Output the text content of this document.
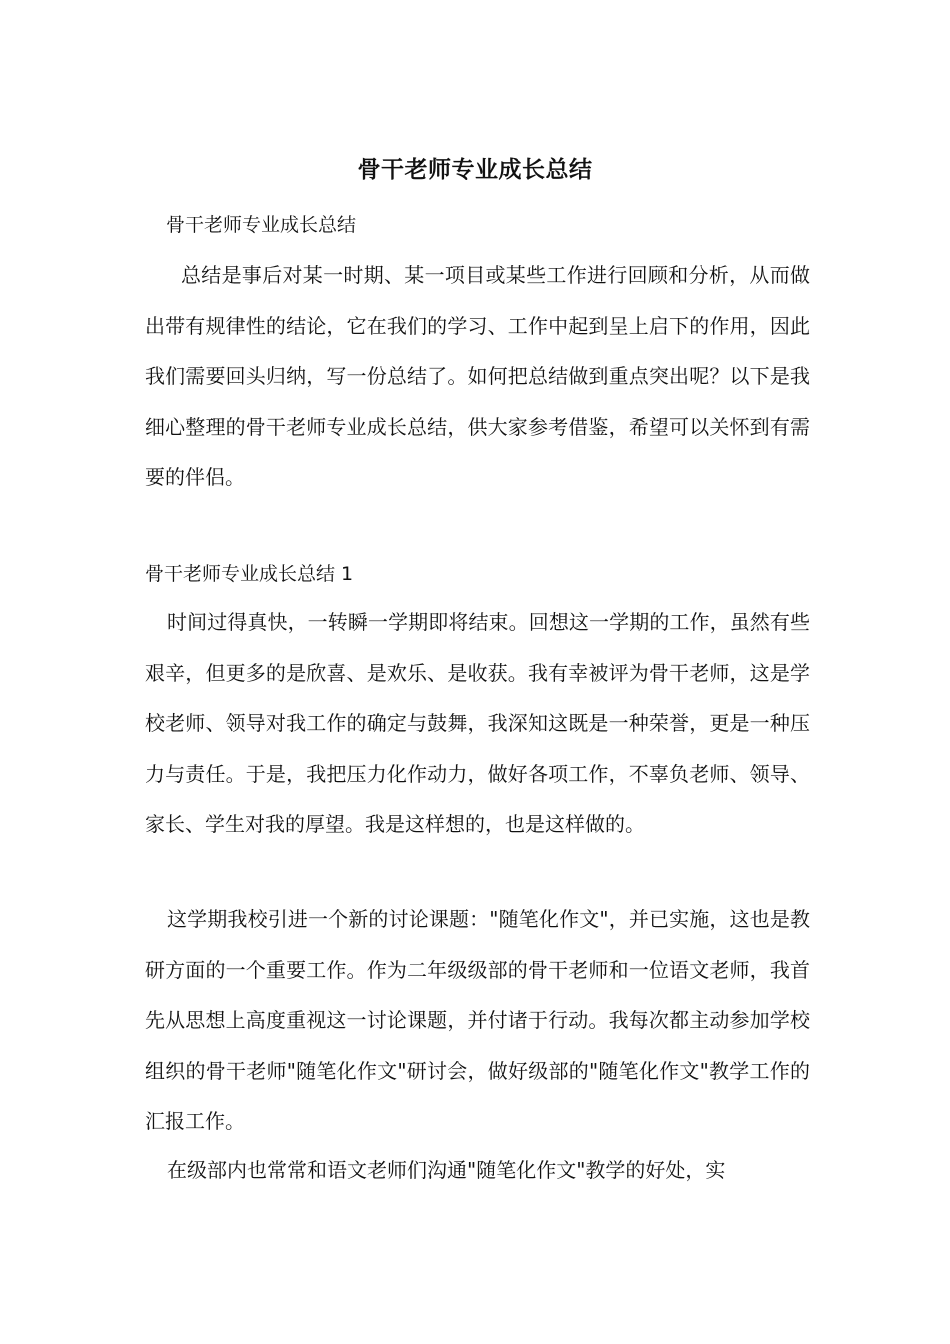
骨干老师专业成长总结
骨干老师专业成长总结

总结是事后对某一时期、某一项目或某些工作进行回顾和分析，从而做出带有规律性的结论，它在我们的学习、工作中起到呈上启下的作用，因此我们需要回头归纳，写一份总结了。如何把总结做到重点突出呢？以下是我细心整理的骨干老师专业成长总结，供大家参考借鉴，希望可以关怀到有需要的伴侣。

骨干老师专业成长总结 1

时间过得真快，一转瞬一学期即将结束。回想这一学期的工作，虽然有些艰辛，但更多的是欣喜、是欢乐、是收获。我有幸被评为骨干老师，这是学校老师、领导对我工作的确定与鼓舞，我深知这既是一种荣誉，更是一种压力与责任。于是，我把压力化作动力，做好各项工作，不辜负老师、领导、家长、学生对我的厚望。我是这样想的，也是这样做的。

这学期我校引进一个新的讨论课题："随笔化作文"，并已实施，这也是教研方面的一个重要工作。作为二年级级部的骨干老师和一位语文老师，我首先从思想上高度重视这一讨论课题，并付诸于行动。我每次都主动参加学校组织的骨干老师"随笔化作文"研讨会，做好级部的"随笔化作文"教学工作的汇报工作。

在级部内也常常和语文老师们沟通"随笔化作文"教学的好处，实
